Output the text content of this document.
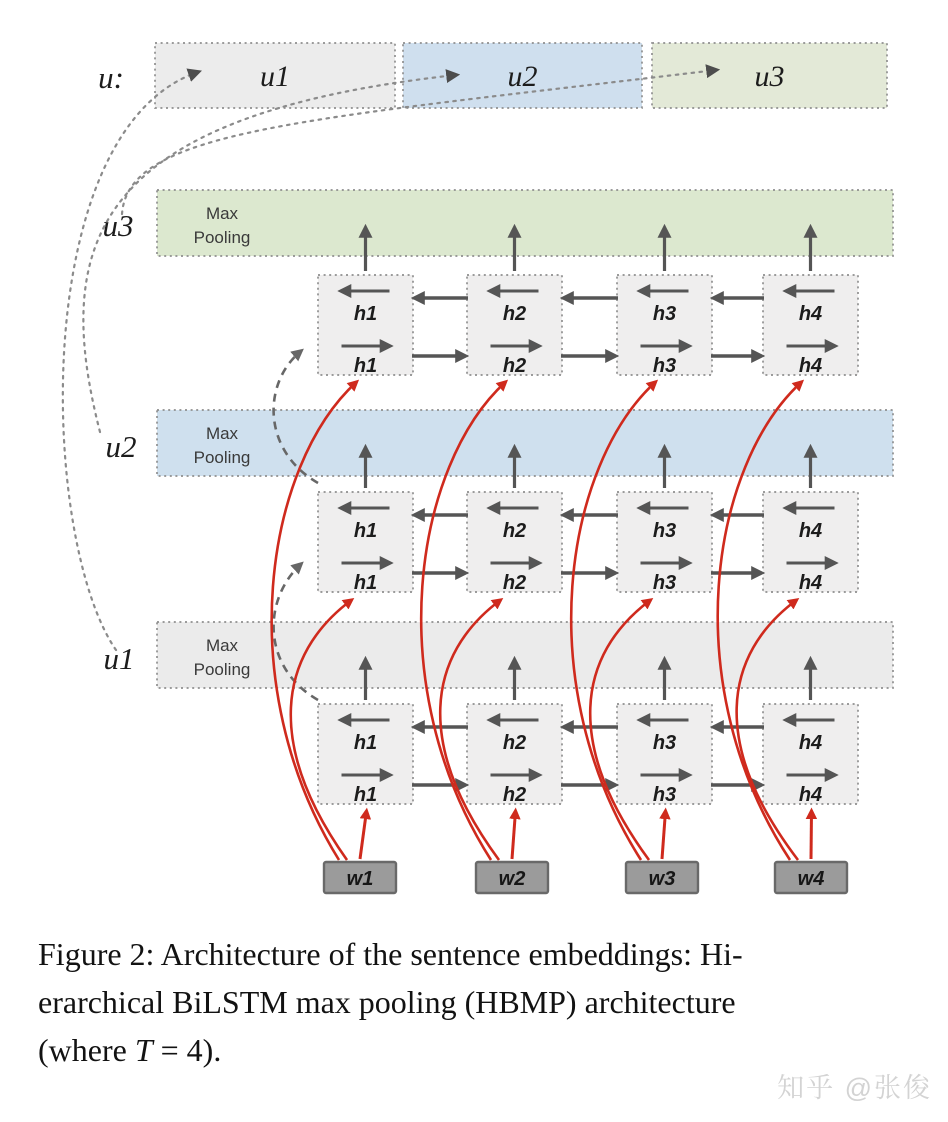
Max
Pooling
u3
Max
Pooling
u2
Max
Pooling
u1
u:	u1	u2	u3
h1
h1
h2
h2
h3
h3
h4
h4
h1
h1
h2
h2
h3
h3
h4
h4
h1
h1
h2
h2
h3
h3
h4
h4
w1	w2	w3	w4
Figure 2: Architecture of the sentence embeddings: Hi-
erarchical BiLSTM max pooling (HBMP) architecture
(where T = 4).
知乎 @张俊
